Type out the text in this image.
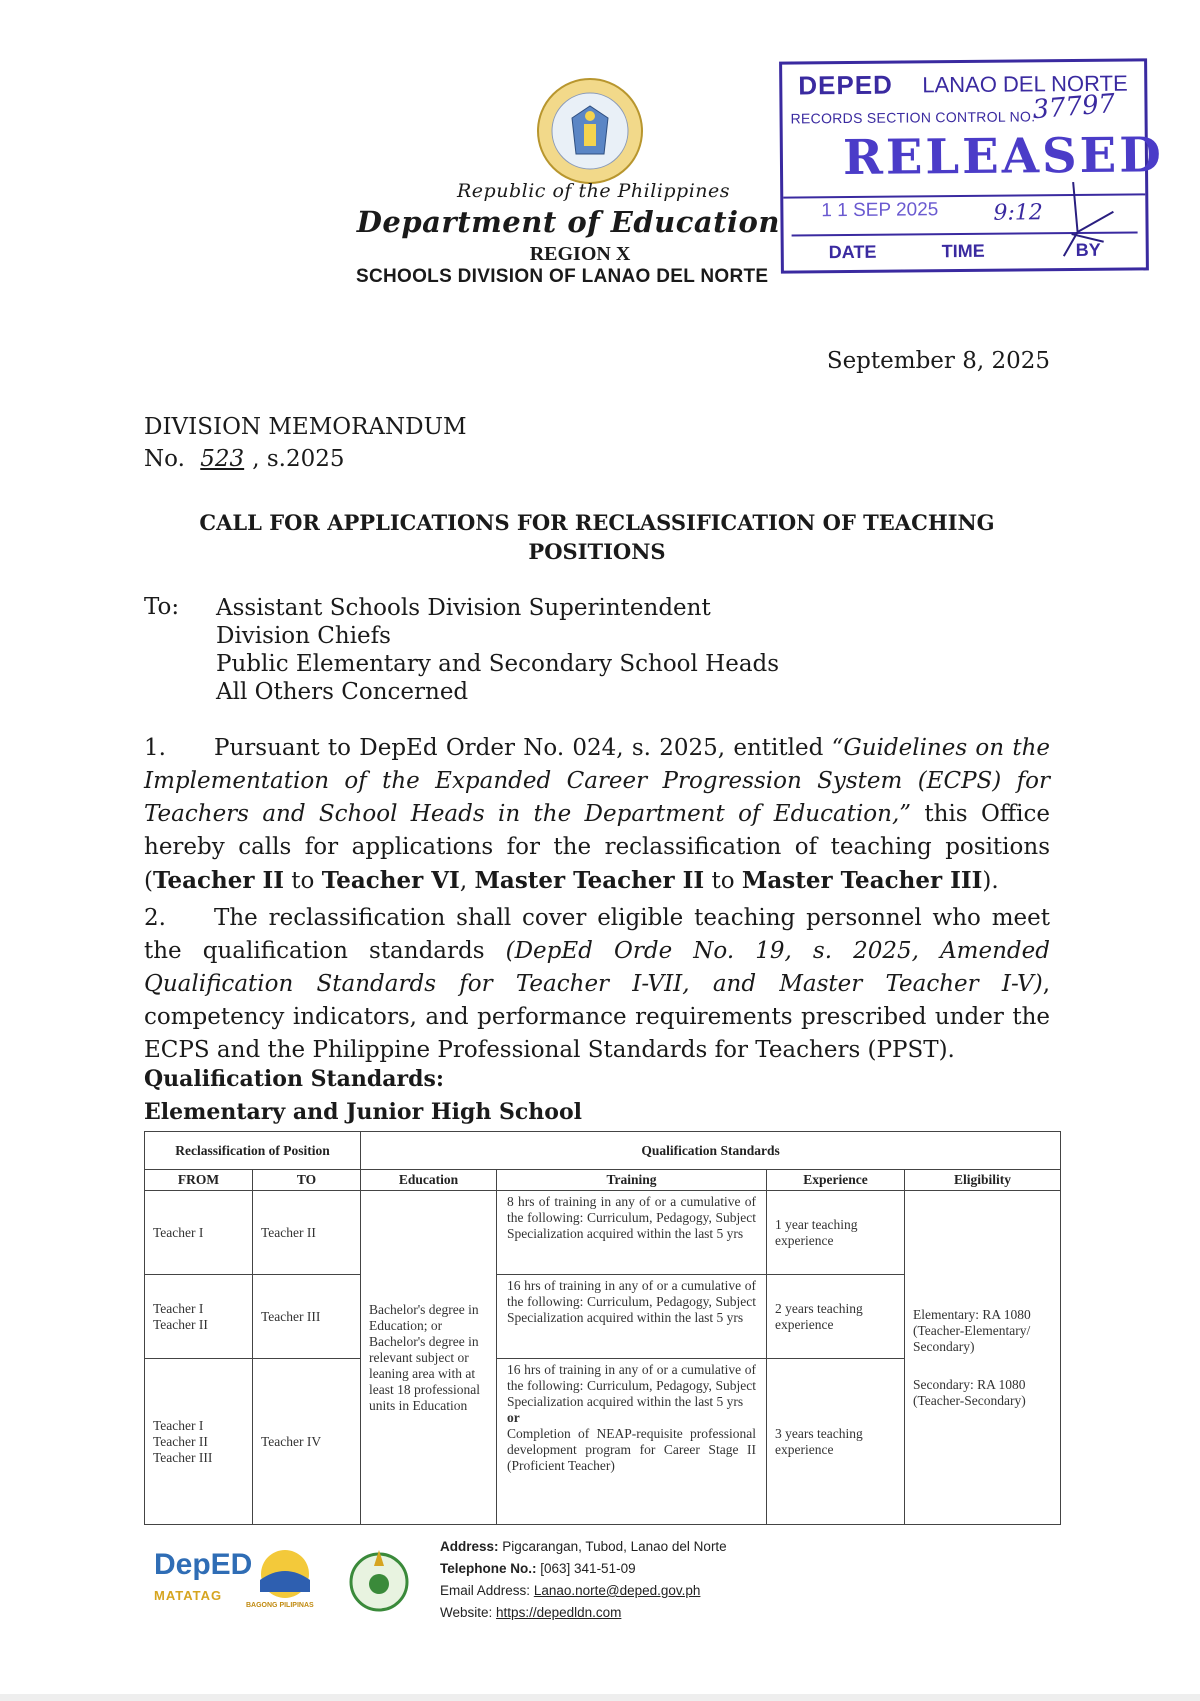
Republic of the Philippines
Department of Education
REGION X
SCHOOLS DIVISION OF LANAO DEL NORTE
DEPED LANAO DEL NORTE
RECORDS SECTION CONTROL NO.
37797
RELEASED
1 1 SEP 2025 9:12
DATE	TIME	BY
September 8, 2025
DIVISION MEMORANDUM
No. 523 , s.2025
CALL FOR APPLICATIONS FOR RECLASSIFICATION OF TEACHING POSITIONS
To: Assistant Schools Division Superintendent
Division Chiefs
Public Elementary and Secondary School Heads
All Others Concerned
1. Pursuant to DepEd Order No. 024, s. 2025, entitled “Guidelines on the Implementation of the Expanded Career Progression System (ECPS) for Teachers and School Heads in the Department of Education,” this Office hereby calls for applications for the reclassification of teaching positions (Teacher II to Teacher VI, Master Teacher II to Master Teacher III).
2. The reclassification shall cover eligible teaching personnel who meet the qualification standards (DepEd Orde No. 19, s. 2025, Amended Qualification Standards for Teacher I-VII, and Master Teacher I-V), competency indicators, and performance requirements prescribed under the ECPS and the Philippine Professional Standards for Teachers (PPST).
Qualification Standards:
Elementary and Junior High School
Reclassification of Position		Qualification Standards			
FROM	TO	Education	Training	Experience	Eligibility
Teacher I	Teacher II	Bachelor's degree in Education; or Bachelor's degree in relevant subject or leaning area with at least 18 professional units in Education	8 hrs of training in any of or a cumulative of the following: Curriculum, Pedagogy, Subject Specialization acquired within the last 5 yrs	1 year teaching experience	Elementary: RA 1080 (Teacher-Elementary/ Secondary)
Secondary: RA 1080 (Teacher-Secondary)

Teacher I Teacher II	Teacher III		16 hrs of training in any of or a cumulative of the following: Curriculum, Pedagogy, Subject Specialization acquired within the last 5 yrs	2 years teaching experience	
Teacher I Teacher II Teacher III	Teacher IV		16 hrs of training in any of or a cumulative of the following: Curriculum, Pedagogy, Subject Specialization acquired within the last 5 yrs
or
Completion of NEAP-requisite professional development program for Career Stage II (Proficient Teacher)	3 years teaching experience	
DepED
MATATAG
BAGONG PILIPINAS
Address: Pigcarangan, Tubod, Lanao del Norte
Telephone No.: [063] 341-51-09
Email Address: Lanao.norte@deped.gov.ph
Website: https://depedldn.com
